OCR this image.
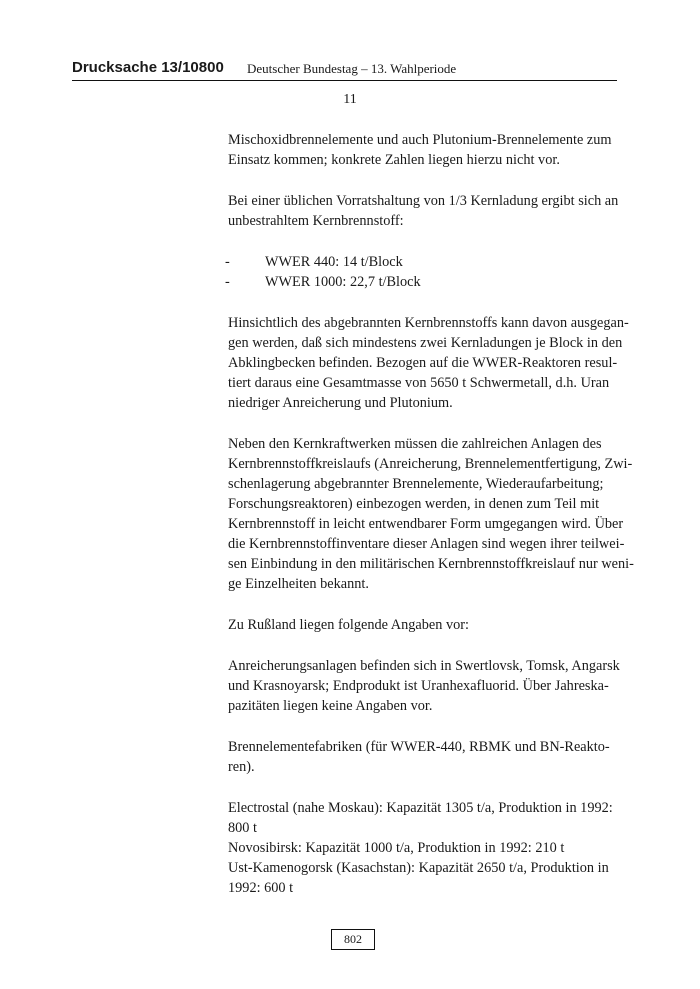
Drucksache 13/10800 Deutscher Bundestag – 13. Wahlperiode
11

Mischoxidbrennelemente und auch Plutonium-Brennelemente zum
Einsatz kommen; konkrete Zahlen liegen hierzu nicht vor.

Bei einer üblichen Vorratshaltung von 1/3 Kernladung ergibt sich an
unbestrahltem Kernbrennstoff:

- WWER 440: 14 t/Block
- WWER 1000: 22,7 t/Block

Hinsichtlich des abgebrannten Kernbrennstoffs kann davon ausgegan-
gen werden, daß sich mindestens zwei Kernladungen je Block in den
Abklingbecken befinden. Bezogen auf die WWER-Reaktoren resul-
tiert daraus eine Gesamtmasse von 5650 t Schwermetall, d.h. Uran
niedriger Anreicherung und Plutonium.

Neben den Kernkraftwerken müssen die zahlreichen Anlagen des
Kernbrennstoffkreislaufs (Anreicherung, Brennelementfertigung, Zwi-
schenlagerung abgebrannter Brennelemente, Wiederaufarbeitung;
Forschungsreaktoren) einbezogen werden, in denen zum Teil mit
Kernbrennstoff in leicht entwendbarer Form umgegangen wird. Über
die Kernbrennstoffinventare dieser Anlagen sind wegen ihrer teilwei-
sen Einbindung in den militärischen Kernbrennstoffkreislauf nur weni-
ge Einzelheiten bekannt.

Zu Rußland liegen folgende Angaben vor:

Anreicherungsanlagen befinden sich in Swertlovsk, Tomsk, Angarsk
und Krasnoyarsk; Endprodukt ist Uranhexafluorid. Über Jahreska-
pazitäten liegen keine Angaben vor.

Brennelementefabriken (für WWER-440, RBMK und BN-Reakto-
ren).

Electrostal (nahe Moskau): Kapazität 1305 t/a, Produktion in 1992:
800 t
Novosibirsk: Kapazität 1000 t/a, Produktion in 1992: 210 t
Ust-Kamenogorsk (Kasachstan): Kapazität 2650 t/a, Produktion in
1992: 600 t

802
